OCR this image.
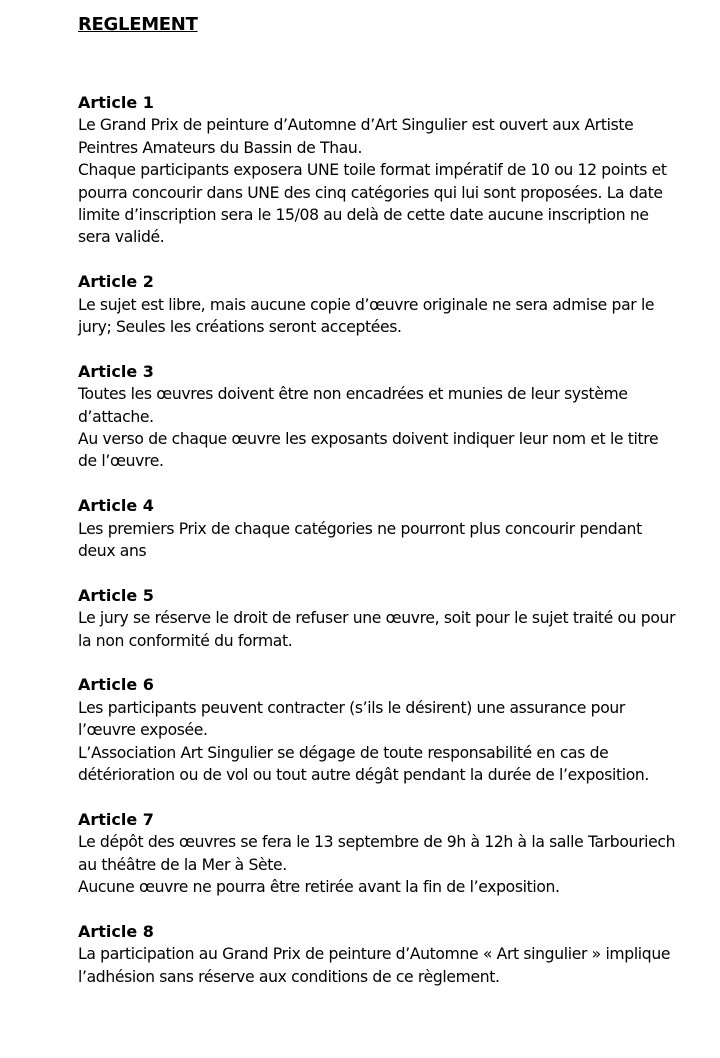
REGLEMENT

Article 1

Le Grand Prix de peinture d’Automne d’Art Singulier est ouvert aux Artiste Peintres Amateurs du Bassin de Thau.

Chaque participants exposera UNE toile format impératif de 10 ou 12 points et pourra concourir dans UNE des cinq catégories qui lui sont proposées. La date limite d’inscription sera le 15/08 au delà de cette date aucune inscription ne sera validé.

Article 2

Le sujet est libre, mais aucune copie d’œuvre originale ne sera admise par le jury; Seules les créations seront acceptées.

Article 3

Toutes les œuvres doivent être non encadrées et munies de leur système d’attache.

Au verso de chaque œuvre les exposants doivent indiquer leur nom et le titre de l’œuvre.

Article 4

Les premiers Prix de chaque catégories ne pourront plus concourir pendant deux ans

Article 5

Le jury se réserve le droit de refuser une œuvre, soit pour le sujet traité ou pour la non conformité du format.

Article 6

Les participants peuvent contracter (s’ils le désirent) une assurance pour l’œuvre exposée.

L’Association Art Singulier se dégage de toute responsabilité en cas de détérioration ou de vol ou tout autre dégât pendant la durée de l’exposition.

Article 7

Le dépôt des œuvres se fera le 13 septembre de 9h à 12h à la salle Tarbouriech au théâtre de la Mer à Sète.

Aucune œuvre ne pourra être retirée avant la fin de l’exposition.

Article 8

La participation au Grand Prix de peinture d’Automne « Art singulier » implique l’adhésion sans réserve aux conditions de ce règlement.
